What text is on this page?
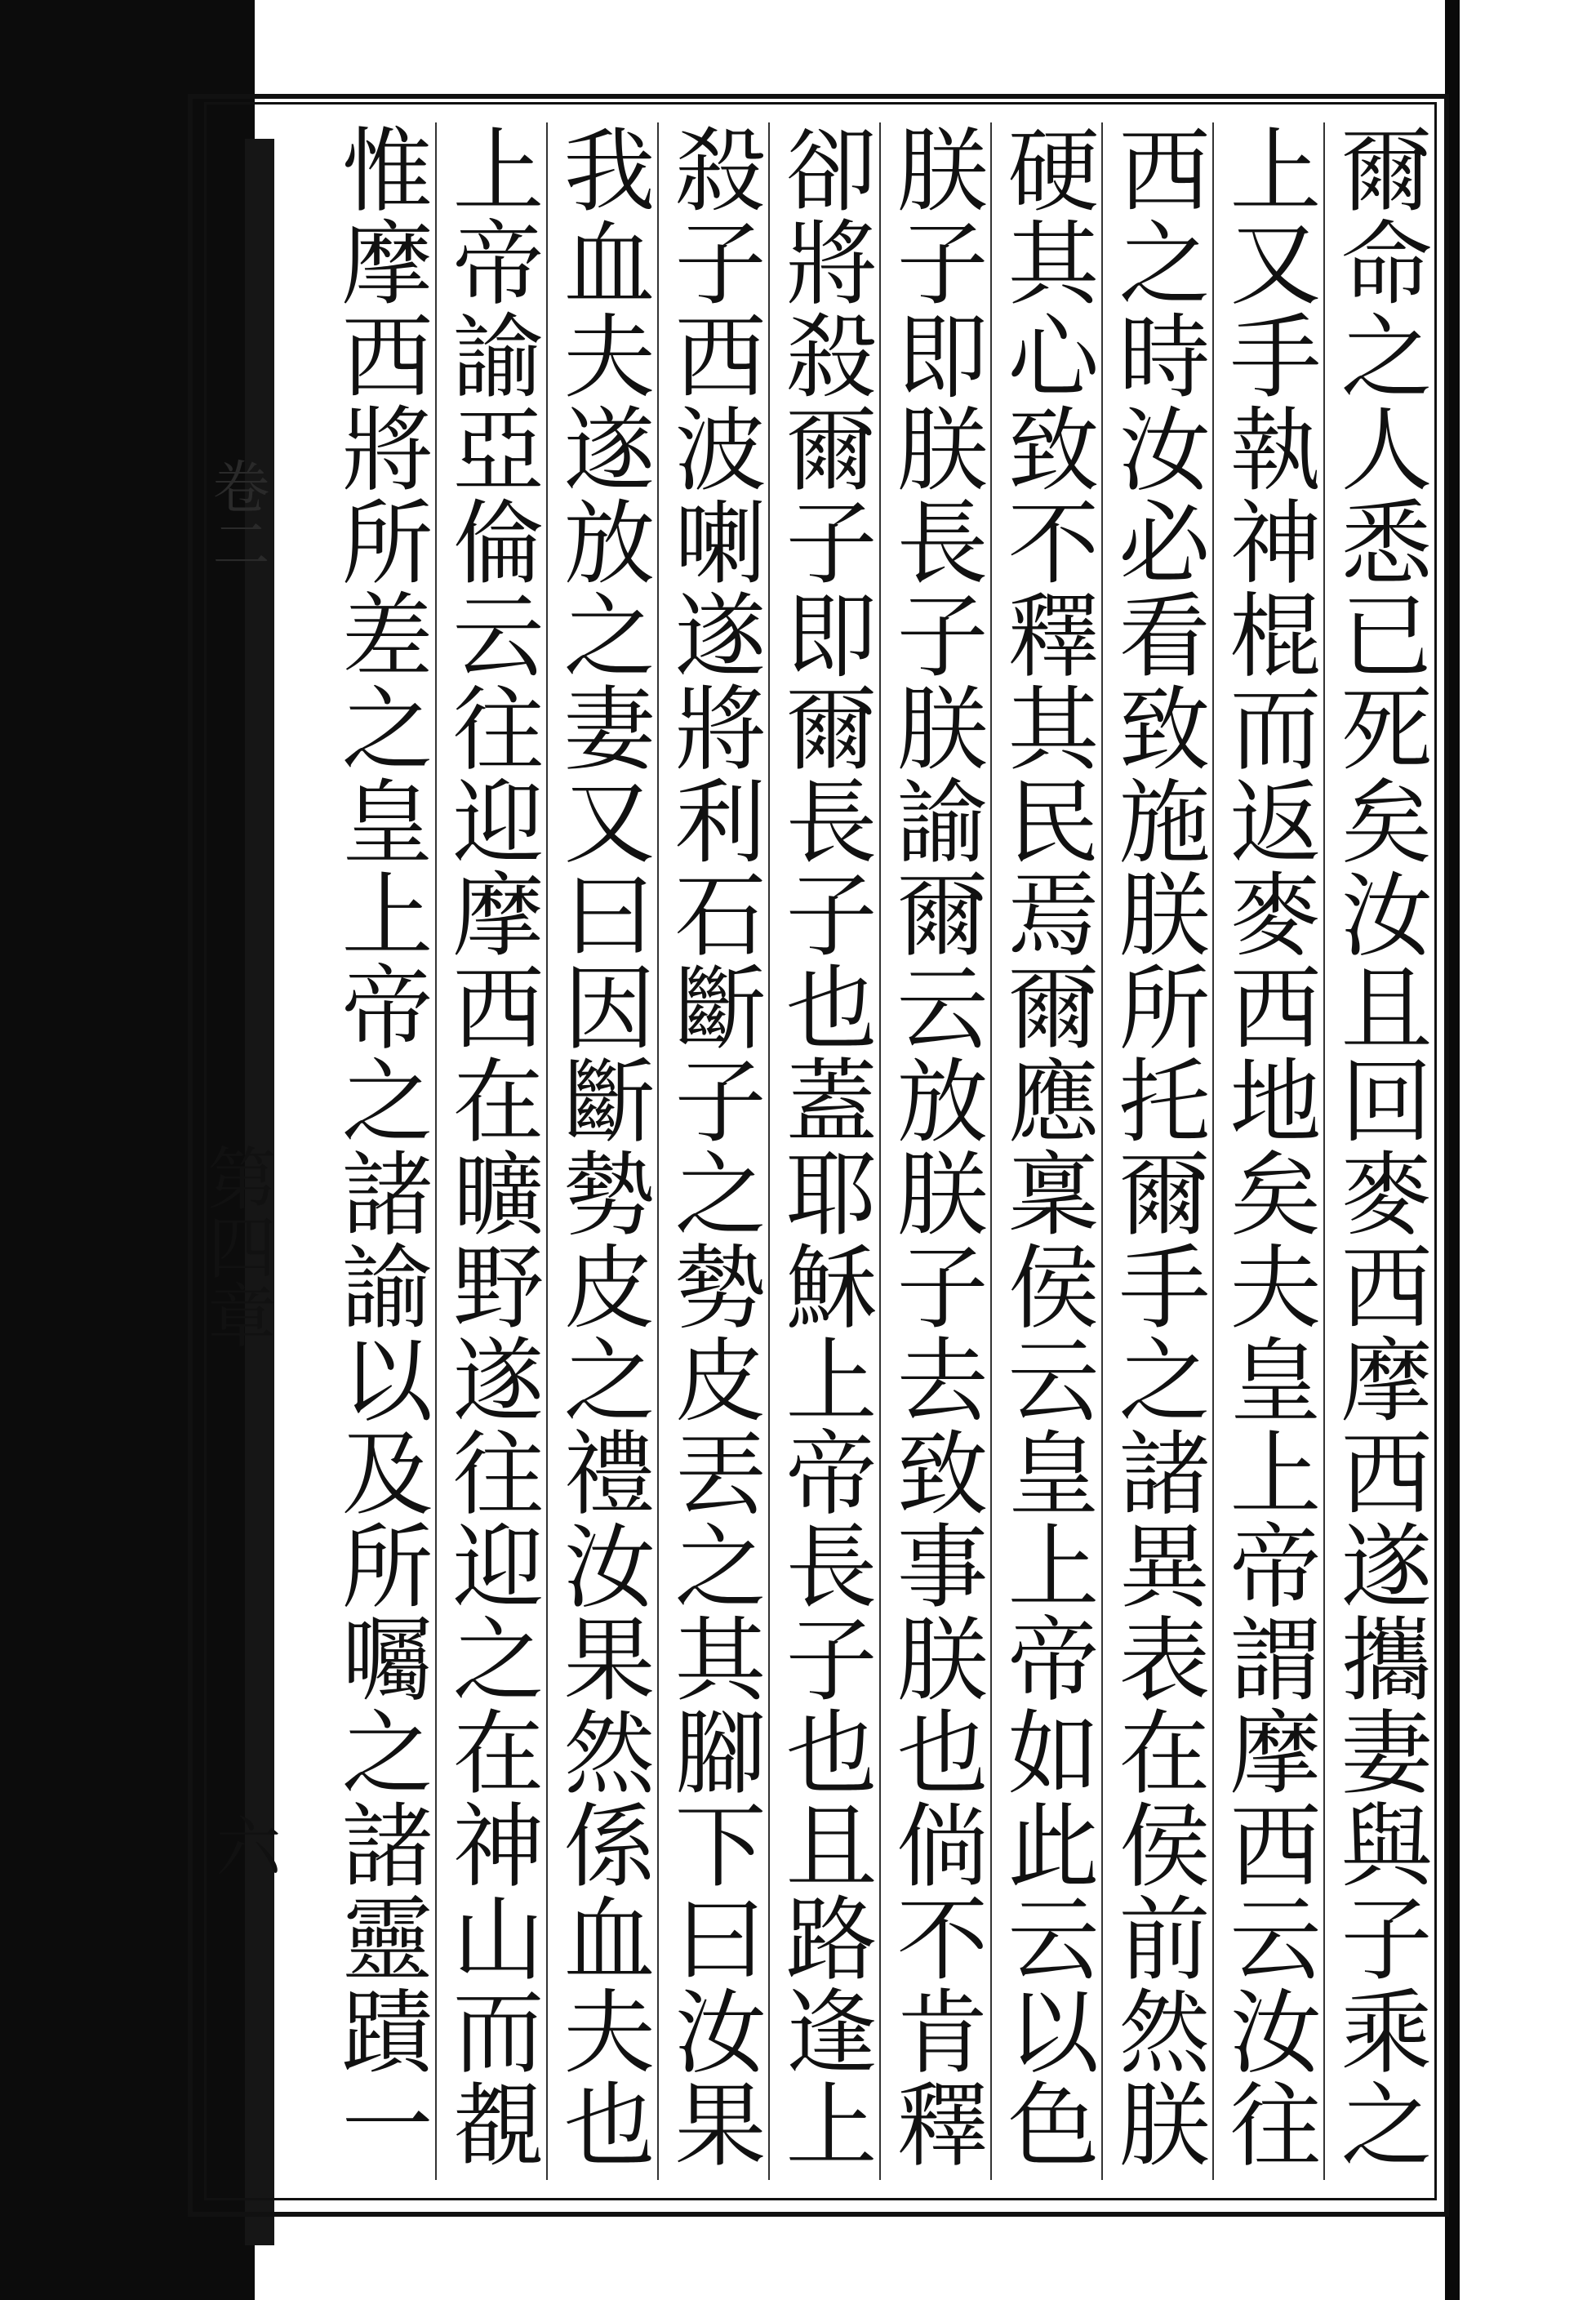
爾命之人悉已死矣汝且回麥西摩西遂攜妻與子乘之
上又手執神棍而返麥西地矣夫皇上帝謂摩西云汝往
西之時汝必看致施朕所托爾手之諸異表在侯前然朕
硬其心致不釋其民焉爾應稟侯云皇上帝如此云以色
朕子即朕長子朕諭爾云放朕子去致事朕也倘不肯釋
卻將殺爾子即爾長子也蓋耶穌上帝長子也且路逢上
殺子西波喇遂將利石斷子之勢皮丟之其腳下曰汝果
我血夫遂放之妻又曰因斷勢皮之禮汝果然係血夫也
上帝諭亞倫云往迎摩西在曠野遂往迎之在神山而覩
惟摩西將所差之皇上帝之諸諭以及所囑之諸靈蹟一
卷二
第四章
六
